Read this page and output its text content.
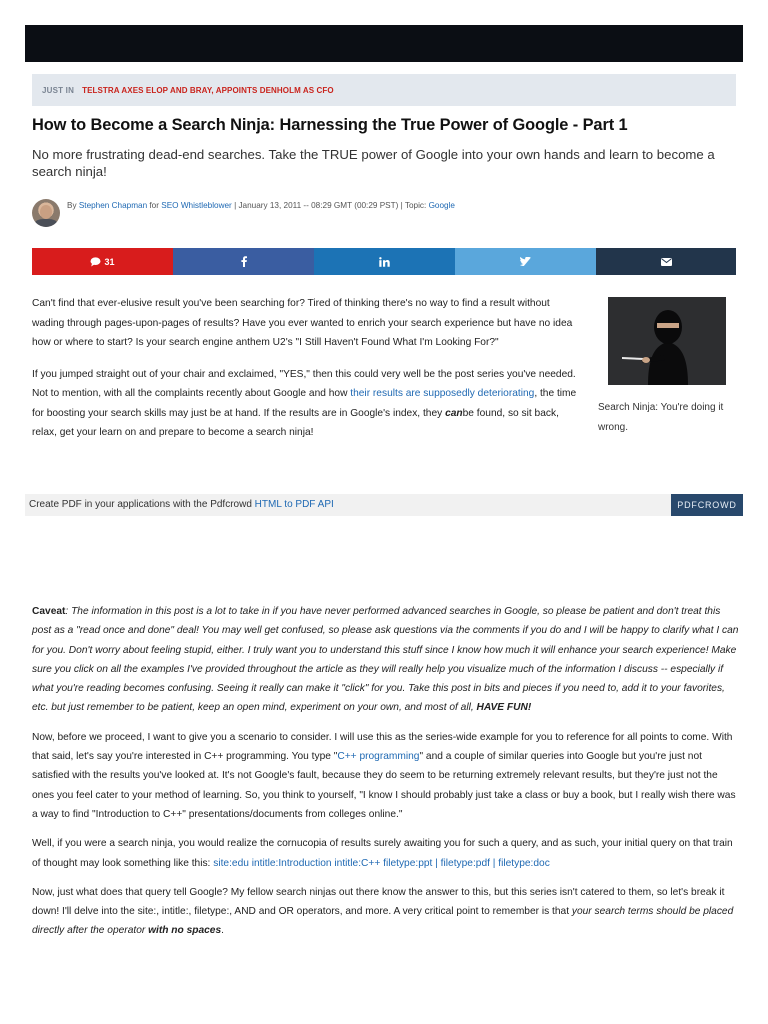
JUST IN TELSTRA AXES ELOP AND BRAY, APPOINTS DENHOLM AS CFO
How to Become a Search Ninja: Harnessing the True Power of Google - Part 1
No more frustrating dead-end searches. Take the TRUE power of Google into your own hands and learn to become a search ninja!
By Stephen Chapman for SEO Whistleblower | January 13, 2011 -- 08:29 GMT (00:29 PST) | Topic: Google
31

Can't find that ever-elusive result you've been searching for? Tired of thinking there's no way to find a result without wading through pages-upon-pages of results? Have you ever wanted to enrich your search experience but have no idea how or where to start? Is your search engine anthem U2's "I Still Haven't Found What I'm Looking For?"

If you jumped straight out of your chair and exclaimed, "YES," then this could very well be the post series you've needed. Not to mention, with all the complaints recently about Google and how their results are supposedly deteriorating, the time for boosting your search skills may just be at hand. If the results are in Google's index, they canbe found, so sit back, relax, get your learn on and prepare to become a search ninja!

Search Ninja: You're doing it wrong.
Create PDF in your applications with the Pdfcrowd HTML to PDF API	PDFCROWD

Caveat: The information in this post is a lot to take in if you have never performed advanced searches in Google, so please be patient and don't treat this post as a "read once and done" deal! You may well get confused, so please ask questions via the comments if you do and I will be happy to clarify what I can for you. Don't worry about feeling stupid, either. I truly want you to understand this stuff since I know how much it will enhance your search experience! Make sure you click on all the examples I've provided throughout the article as they will really help you visualize much of the information I discuss -- especially if what you're reading becomes confusing. Seeing it really can make it "click" for you. Take this post in bits and pieces if you need to, add it to your favorites, etc. but just remember to be patient, keep an open mind, experiment on your own, and most of all, HAVE FUN!

Now, before we proceed, I want to give you a scenario to consider. I will use this as the series-wide example for you to reference for all points to come. With that said, let's say you're interested in C++ programming. You type "C++ programming" and a couple of similar queries into Google but you're just not satisfied with the results you've looked at. It's not Google's fault, because they do seem to be returning extremely relevant results, but they're just not the ones you feel cater to your method of learning. So, you think to yourself, "I know I should probably just take a class or buy a book, but I really wish there was a way to find "Introduction to C++" presentations/documents from colleges online."

Well, if you were a search ninja, you would realize the cornucopia of results surely awaiting you for such a query, and as such, your initial query on that train of thought may look something like this: site:edu intitle:Introduction intitle:C++ filetype:ppt | filetype:pdf | filetype:doc

Now, just what does that query tell Google? My fellow search ninjas out there know the answer to this, but this series isn't catered to them, so let's break it down! I'll delve into the site:, intitle:, filetype:, AND and OR operators, and more. A very critical point to remember is that your search terms should be placed directly after the operator with no spaces.
